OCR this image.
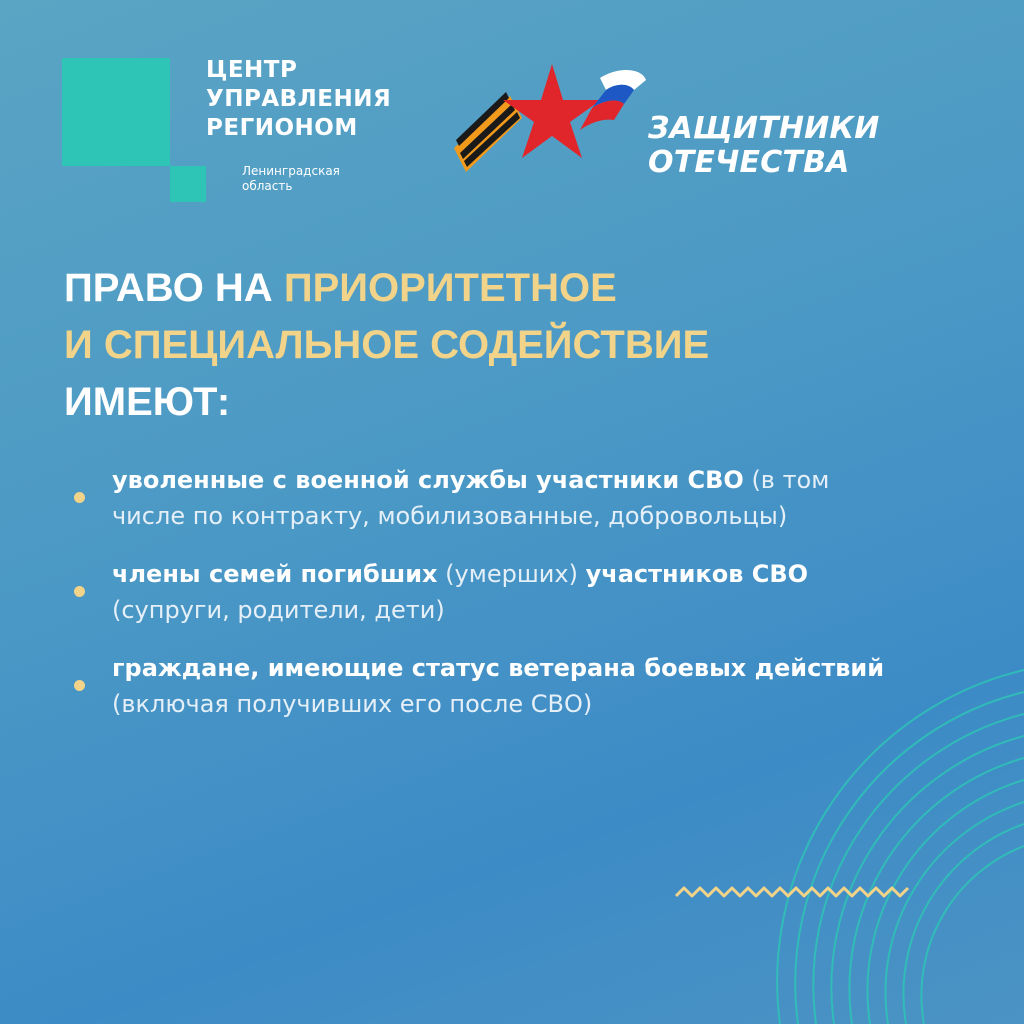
ЦЕНТР
УПРАВЛЕНИЯ
РЕГИОНОМ

Ленинградская
область

ЗАЩИТНИКИ
ОТЕЧЕСТВА
ПРАВО НА ПРИОРИТЕТНОЕ
И СПЕЦИАЛЬНОЕ СОДЕЙСТВИЕ
ИМЕЮТ:
уволенные с военной службы участники СВО (в том числе по контракту, мобилизованные, добровольцы)
члены семей погибших (умерших) участников СВО (супруги, родители, дети)
граждане, имеющие статус ветерана боевых действий (включая получивших его после СВО)
